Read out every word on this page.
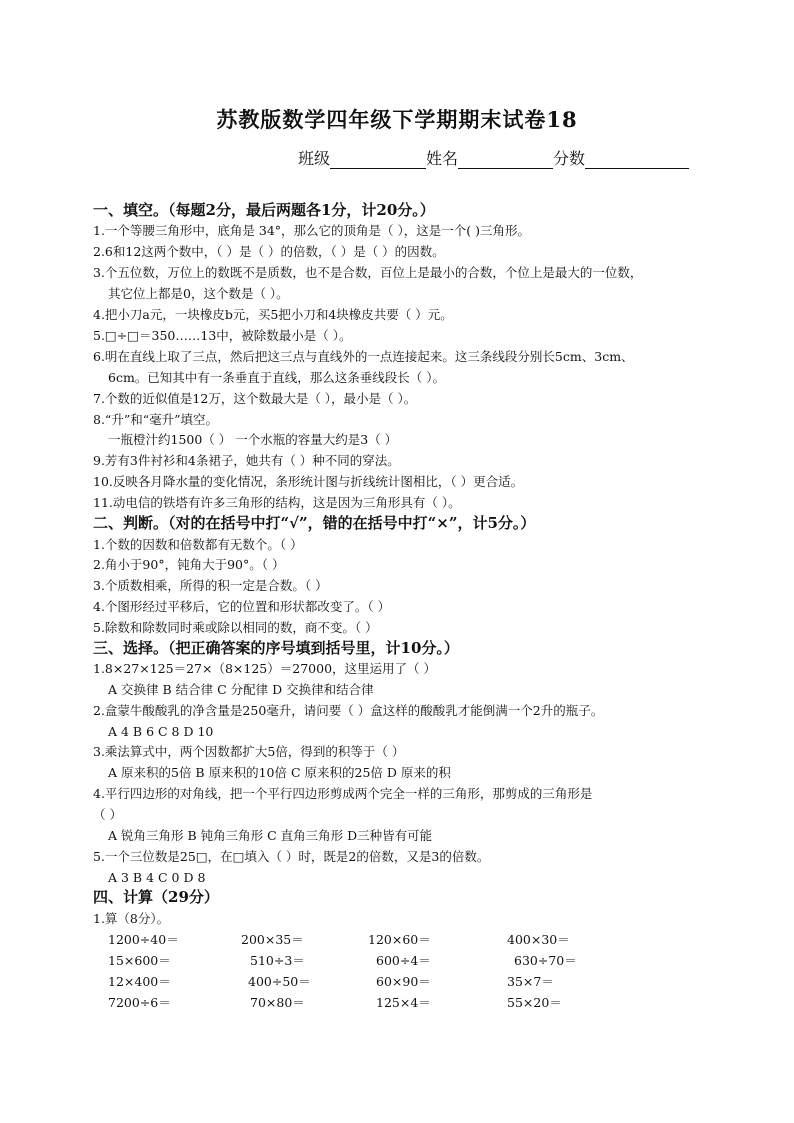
苏教版数学四年级下学期期末试卷18
班级	姓名	分数
一、填空。（每题2分，最后两题各1分，计20分。）
1.一个等腰三角形中，底角是 34°，那么它的顶角是（ ），这是一个( )三角形。
2.6和12这两个数中，（ ）是（ ）的倍数，（ ）是（ ）的因数。
3.个五位数，万位上的数既不是质数，也不是合数，百位上是最小的合数，个位上是最大的一位数，
其它位上都是0，这个数是（ ）。
4.把小刀a元，一块橡皮b元，买5把小刀和4块橡皮共要（ ）元。
5.□÷□＝350……13中，被除数最小是（ ）。
6.明在直线上取了三点，然后把这三点与直线外的一点连接起来。这三条线段分别长5cm、3cm、
6cm。已知其中有一条垂直于直线，那么这条垂线段长（ ）。
7.个数的近似值是12万，这个数最大是（ ），最小是（ ）。
8.“升”和“毫升”填空。
一瓶橙汁约1500（ ） 一个水瓶的容量大约是3（ ）
9.芳有3件衬衫和4条裙子，她共有（ ）种不同的穿法。
10.反映各月降水量的变化情况，条形统计图与折线统计图相比，（ ）更合适。
11.动电信的铁塔有许多三角形的结构，这是因为三角形具有（ ）。
二、判断。（对的在括号中打“√”，错的在括号中打“×”，计5分。）
1.个数的因数和倍数都有无数个。（ ）
2.角小于90°，钝角大于90°。（ ）
3.个质数相乘，所得的积一定是合数。（ ）
4.个图形经过平移后，它的位置和形状都改变了。（ ）
5.除数和除数同时乘或除以相同的数，商不变。（ ）
三、选择。（把正确答案的序号填到括号里，计10分。）
1.8×27×125＝27×（8×125）＝27000，这里运用了（ ）
A 交换律 B 结合律 C 分配律 D 交换律和结合律
2.盒蒙牛酸酸乳的净含量是250毫升，请问要（ ）盒这样的酸酸乳才能倒满一个2升的瓶子。
A 4 B 6 C 8 D 10
3.乘法算式中，两个因数都扩大5倍，得到的积等于（ ）
A 原来积的5倍 B 原来积的10倍 C 原来积的25倍 D 原来的积
4.平行四边形的对角线，把一个平行四边形剪成两个完全一样的三角形，那剪成的三角形是
（ ）
A 锐角三角形 B 钝角三角形 C 直角三角形 D三种皆有可能
5.一个三位数是25□，在□填入（ ）时，既是2的倍数，又是3的倍数。
A 3 B 4 C 0 D 8
四、计算（29分）
1.算（8分）。
1200÷40＝	200×35＝	120×60＝	400×30＝
15×600＝	510÷3＝	600÷4＝	630÷70＝
12×400＝	400÷50＝	60×90＝	35×7＝
7200÷6＝	70×80＝	125×4＝	55×20＝
